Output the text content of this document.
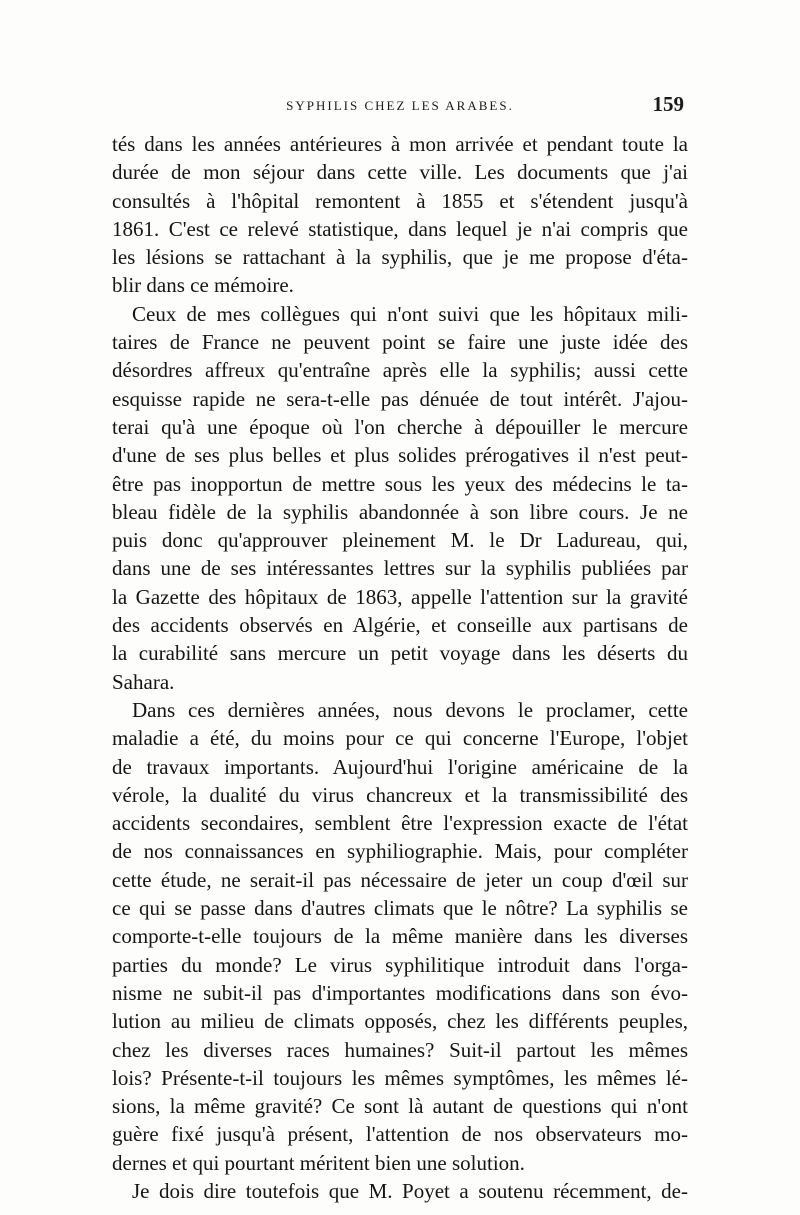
SYPHILIS CHEZ LES ARABES.	159
tés dans les années antérieures à mon arrivée et pendant toute la
durée de mon séjour dans cette ville. Les documents que j'ai
consultés à l'hôpital remontent à 1855 et s'étendent jusqu'à
1861. C'est ce relevé statistique, dans lequel je n'ai compris que
les lésions se rattachant à la syphilis, que je me propose d'éta-
blir dans ce mémoire.
Ceux de mes collègues qui n'ont suivi que les hôpitaux mili-
taires de France ne peuvent point se faire une juste idée des
désordres affreux qu'entraîne après elle la syphilis; aussi cette
esquisse rapide ne sera-t-elle pas dénuée de tout intérêt. J'ajou-
terai qu'à une époque où l'on cherche à dépouiller le mercure
d'une de ses plus belles et plus solides prérogatives il n'est peut-
être pas inopportun de mettre sous les yeux des médecins le ta-
bleau fidèle de la syphilis abandonnée à son libre cours. Je ne
puis donc qu'approuver pleinement M. le Dr Ladureau, qui,
dans une de ses intéressantes lettres sur la syphilis publiées par
la Gazette des hôpitaux de 1863, appelle l'attention sur la gravité
des accidents observés en Algérie, et conseille aux partisans de
la curabilité sans mercure un petit voyage dans les déserts du
Sahara.
Dans ces dernières années, nous devons le proclamer, cette
maladie a été, du moins pour ce qui concerne l'Europe, l'objet
de travaux importants. Aujourd'hui l'origine américaine de la
vérole, la dualité du virus chancreux et la transmissibilité des
accidents secondaires, semblent être l'expression exacte de l'état
de nos connaissances en syphiliographie. Mais, pour compléter
cette étude, ne serait-il pas nécessaire de jeter un coup d'œil sur
ce qui se passe dans d'autres climats que le nôtre? La syphilis se
comporte-t-elle toujours de la même manière dans les diverses
parties du monde? Le virus syphilitique introduit dans l'orga-
nisme ne subit-il pas d'importantes modifications dans son évo-
lution au milieu de climats opposés, chez les différents peuples,
chez les diverses races humaines? Suit-il partout les mêmes
lois? Présente-t-il toujours les mêmes symptômes, les mêmes lé-
sions, la même gravité? Ce sont là autant de questions qui n'ont
guère fixé jusqu'à présent, l'attention de nos observateurs mo-
dernes et qui pourtant méritent bien une solution.
Je dois dire toutefois que M. Poyet a soutenu récemment, de-
